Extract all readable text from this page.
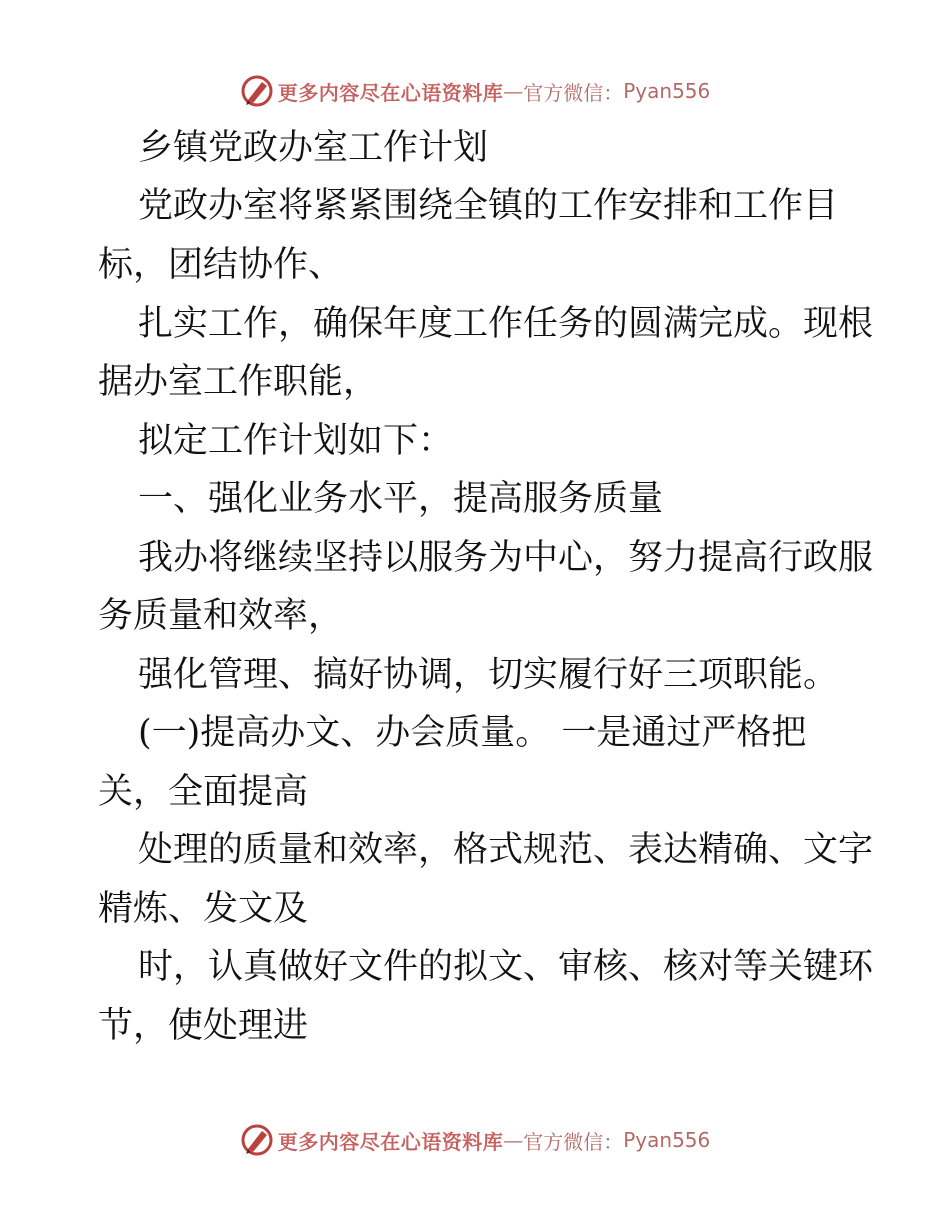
更多内容尽在心语资料库 — 官方微信： Pyan556
乡镇党政办室工作计划
党政办室将紧紧围绕全镇的工作安排和工作目
标，团结协作、
扎实工作，确保年度工作任务的圆满完成。现根
据办室工作职能，
拟定工作计划如下：
一、强化业务水平，提高服务质量
我办将继续坚持以服务为中心，努力提高行政服
务质量和效率，
强化管理、搞好协调，切实履行好三项职能。
(一)提高办文、办会质量。 一是通过严格把
关，全面提高
处理的质量和效率，格式规范、表达精确、文字
精炼、发文及
时，认真做好文件的拟文、审核、核对等关键环
节，使处理进
更多内容尽在心语资料库 — 官方微信： Pyan556
